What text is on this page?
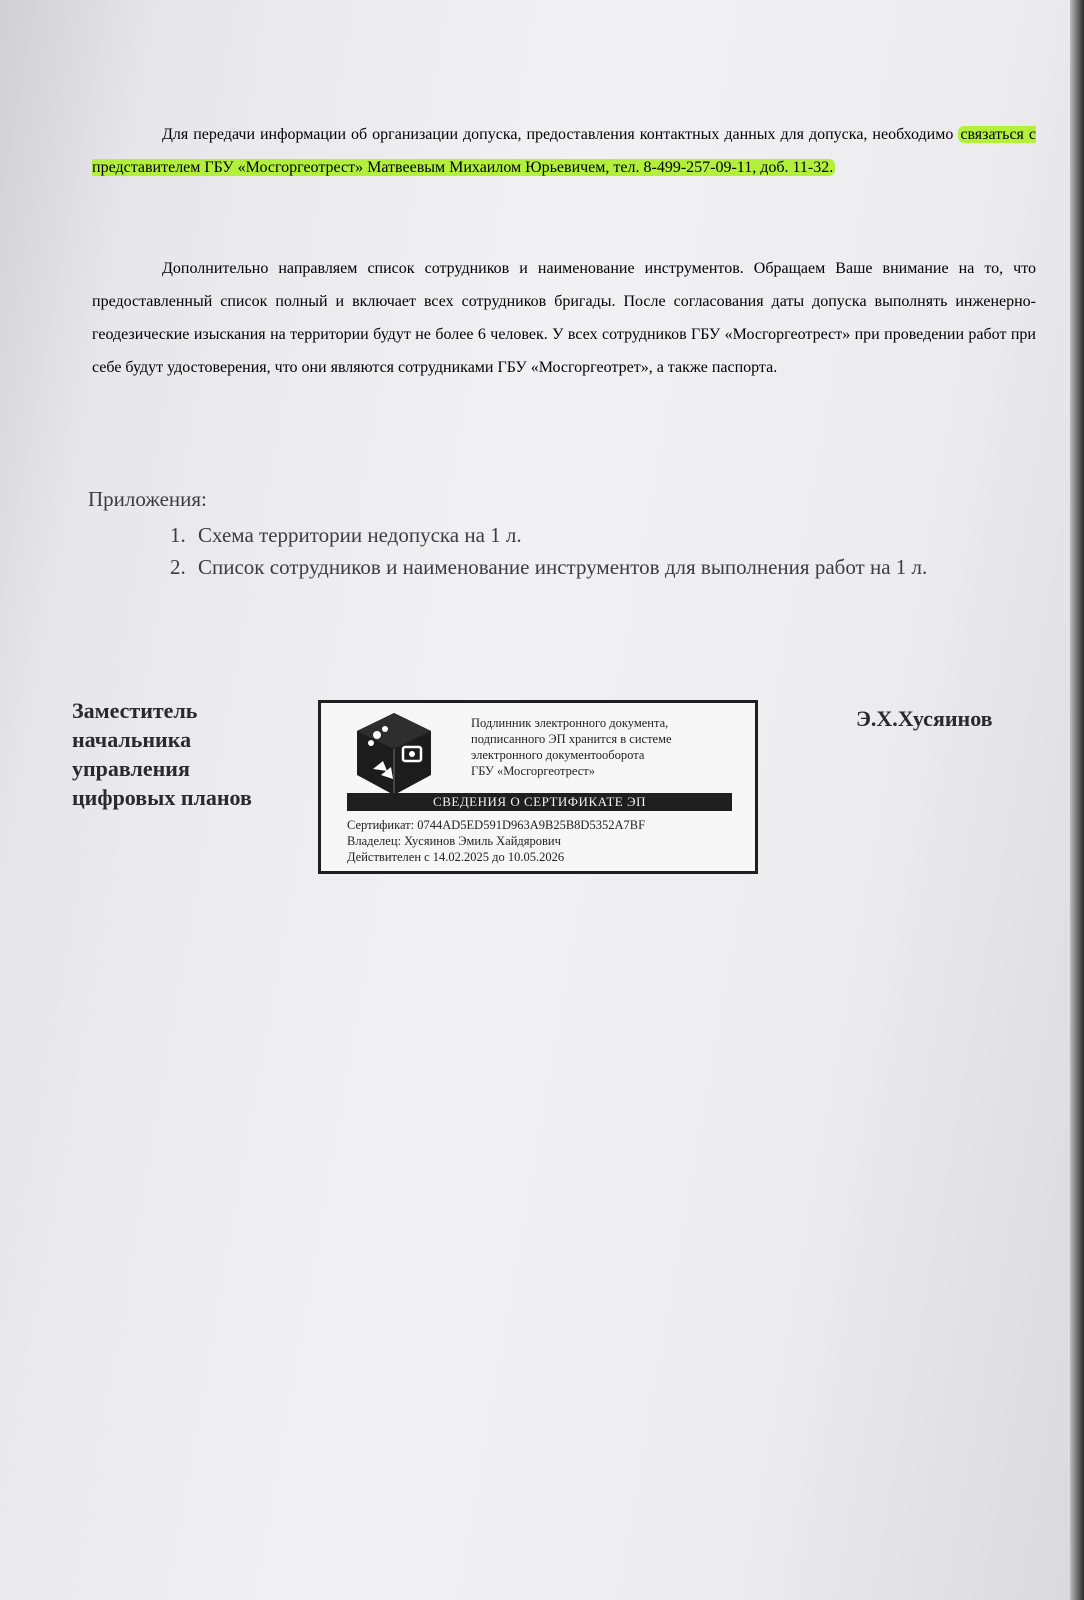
Для передачи информации об организации допуска, предоставления контактных данных для допуска, необходимо связаться с представителем ГБУ «Мосгоргеотрест» Матвеевым Михаилом Юрьевичем, тел. 8-499-257-09-11, доб. 11-32.

Дополнительно направляем список сотрудников и наименование инструментов. Обращаем Ваше внимание на то, что предоставленный список полный и включает всех сотрудников бригады. После согласования даты допуска выполнять инженерно-геодезические изыскания на территории будут не более 6 человек. У всех сотрудников ГБУ «Мосгоргеотрест» при проведении работ при себе будут удостоверения, что они являются сотрудниками ГБУ «Мосгоргеотрет», а также паспорта.

Приложения:
1. Схема территории недопуска на 1 л.
2. Список сотрудников и наименование инструментов для выполнения работ на 1 л.
Заместитель
начальника
управления
цифровых планов
Подлинник электронного документа,
подписанного ЭП хранится в системе
электронного документооборота
ГБУ «Мосгоргеотрест»
СВЕДЕНИЯ О СЕРТИФИКАТЕ ЭП
Сертификат: 0744AD5ED591D963A9B25B8D5352A7BF
Владелец: Хусяинов Эмиль Хайдярович
Действителен с 14.02.2025 до 10.05.2026
Э.Х.Хусяинов
